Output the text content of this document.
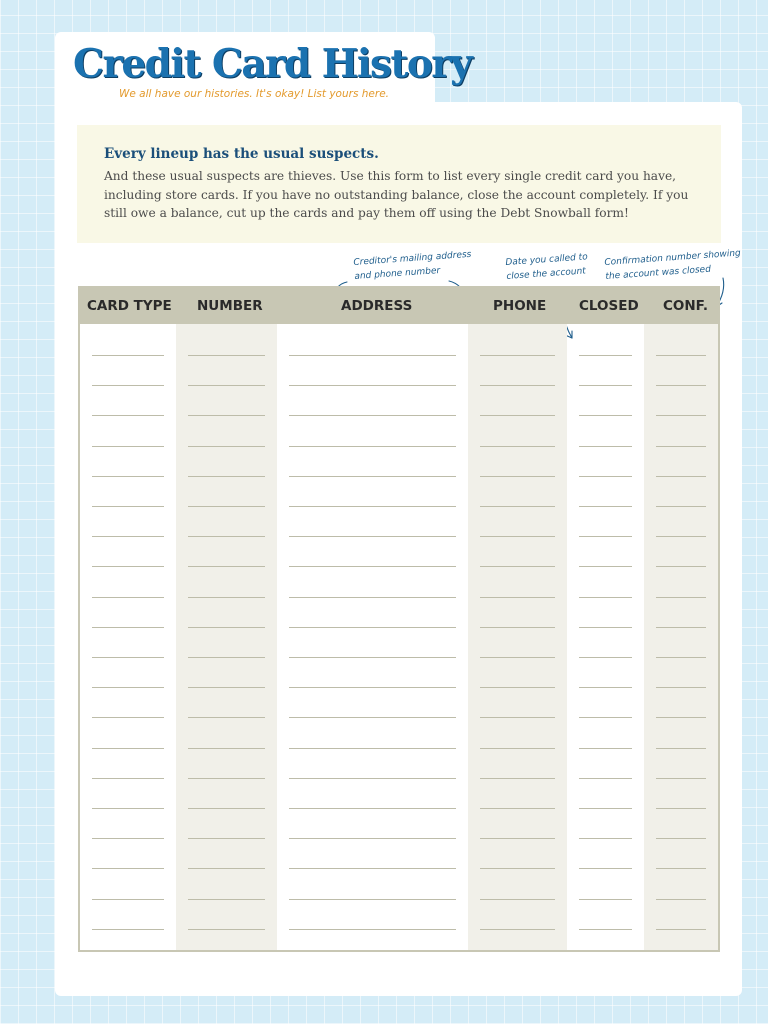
Credit Card History
We all have our histories. It's okay! List yours here.

Every lineup has the usual suspects.

And these usual suspects are thieves. Use this form to list every single credit card you have, including store cards. If you have no outstanding balance, close the account completely. If you still owe a balance, cut up the cards and pay them off using the Debt Snowball form!

Creditor's mailing address
and phone number
Date you called to
close the account
Confirmation number showing
the account was closed
CARD TYPE NUMBER	ADDRESS	PHONE CLOSED CONF.
